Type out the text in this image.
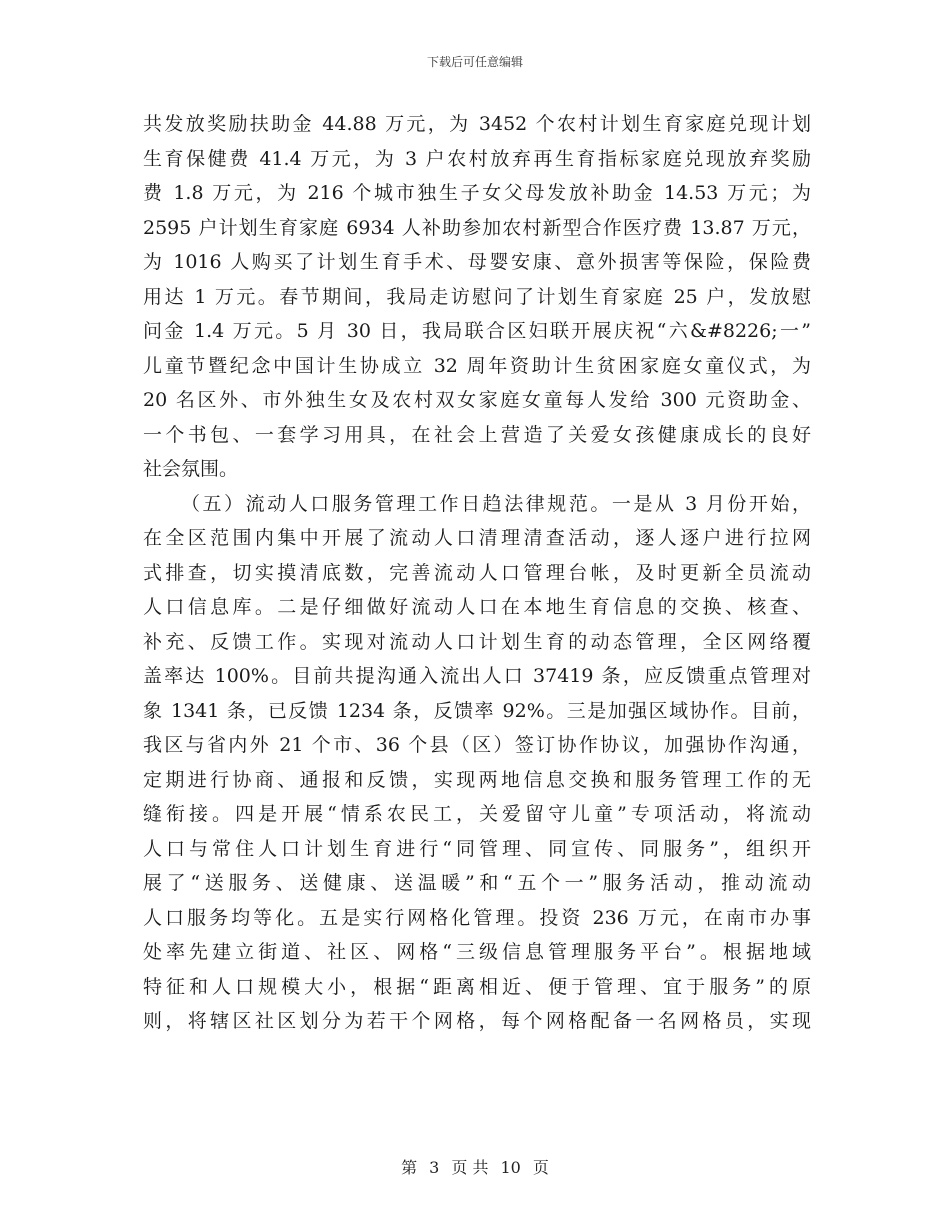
下载后可任意编辑
共发放奖励扶助金 44.88 万元，为 3452 个农村计划生育家庭兑现计划
生育保健费 41.4 万元，为 3 户农村放弃再生育指标家庭兑现放弃奖励
费 1.8 万元，为 216 个城市独生子女父母发放补助金 14.53 万元；为
2595 户计划生育家庭 6934 人补助参加农村新型合作医疗费 13.87 万元，
为 1016 人购买了计划生育手术、母婴安康、意外损害等保险，保险费
用达 1 万元。春节期间，我局走访慰问了计划生育家庭 25 户，发放慰
问金 1.4 万元。5 月 30 日，我局联合区妇联开展庆祝“六&#8226;一”
儿童节暨纪念中国计生协成立 32 周年资助计生贫困家庭女童仪式，为
20 名区外、市外独生女及农村双女家庭女童每人发给 300 元资助金、
一个书包、一套学习用具，在社会上营造了关爱女孩健康成长的良好
社会氛围。
（五）流动人口服务管理工作日趋法律规范。一是从 3 月份开始，
在全区范围内集中开展了流动人口清理清查活动，逐人逐户进行拉网
式排查，切实摸清底数，完善流动人口管理台帐，及时更新全员流动
人口信息库。二是仔细做好流动人口在本地生育信息的交换、核查、
补充、反馈工作。实现对流动人口计划生育的动态管理，全区网络覆
盖率达 100%。目前共提沟通入流出人口 37419 条，应反馈重点管理对
象 1341 条，已反馈 1234 条，反馈率 92%。三是加强区域协作。目前，
我区与省内外 21 个市、36 个县（区）签订协作协议，加强协作沟通，
定期进行协商、通报和反馈，实现两地信息交换和服务管理工作的无
缝衔接。四是开展“情系农民工，关爱留守儿童”专项活动，将流动
人口与常住人口计划生育进行“同管理、同宣传、同服务”，组织开
展了“送服务、送健康、送温暖”和“五个一”服务活动，推动流动
人口服务均等化。五是实行网格化管理。投资 236 万元，在南市办事
处率先建立街道、社区、网格“三级信息管理服务平台”。根据地域
特征和人口规模大小，根据“距离相近、便于管理、宜于服务”的原
则，将辖区社区划分为若干个网格，每个网格配备一名网格员，实现
第 3 页 共 10 页
